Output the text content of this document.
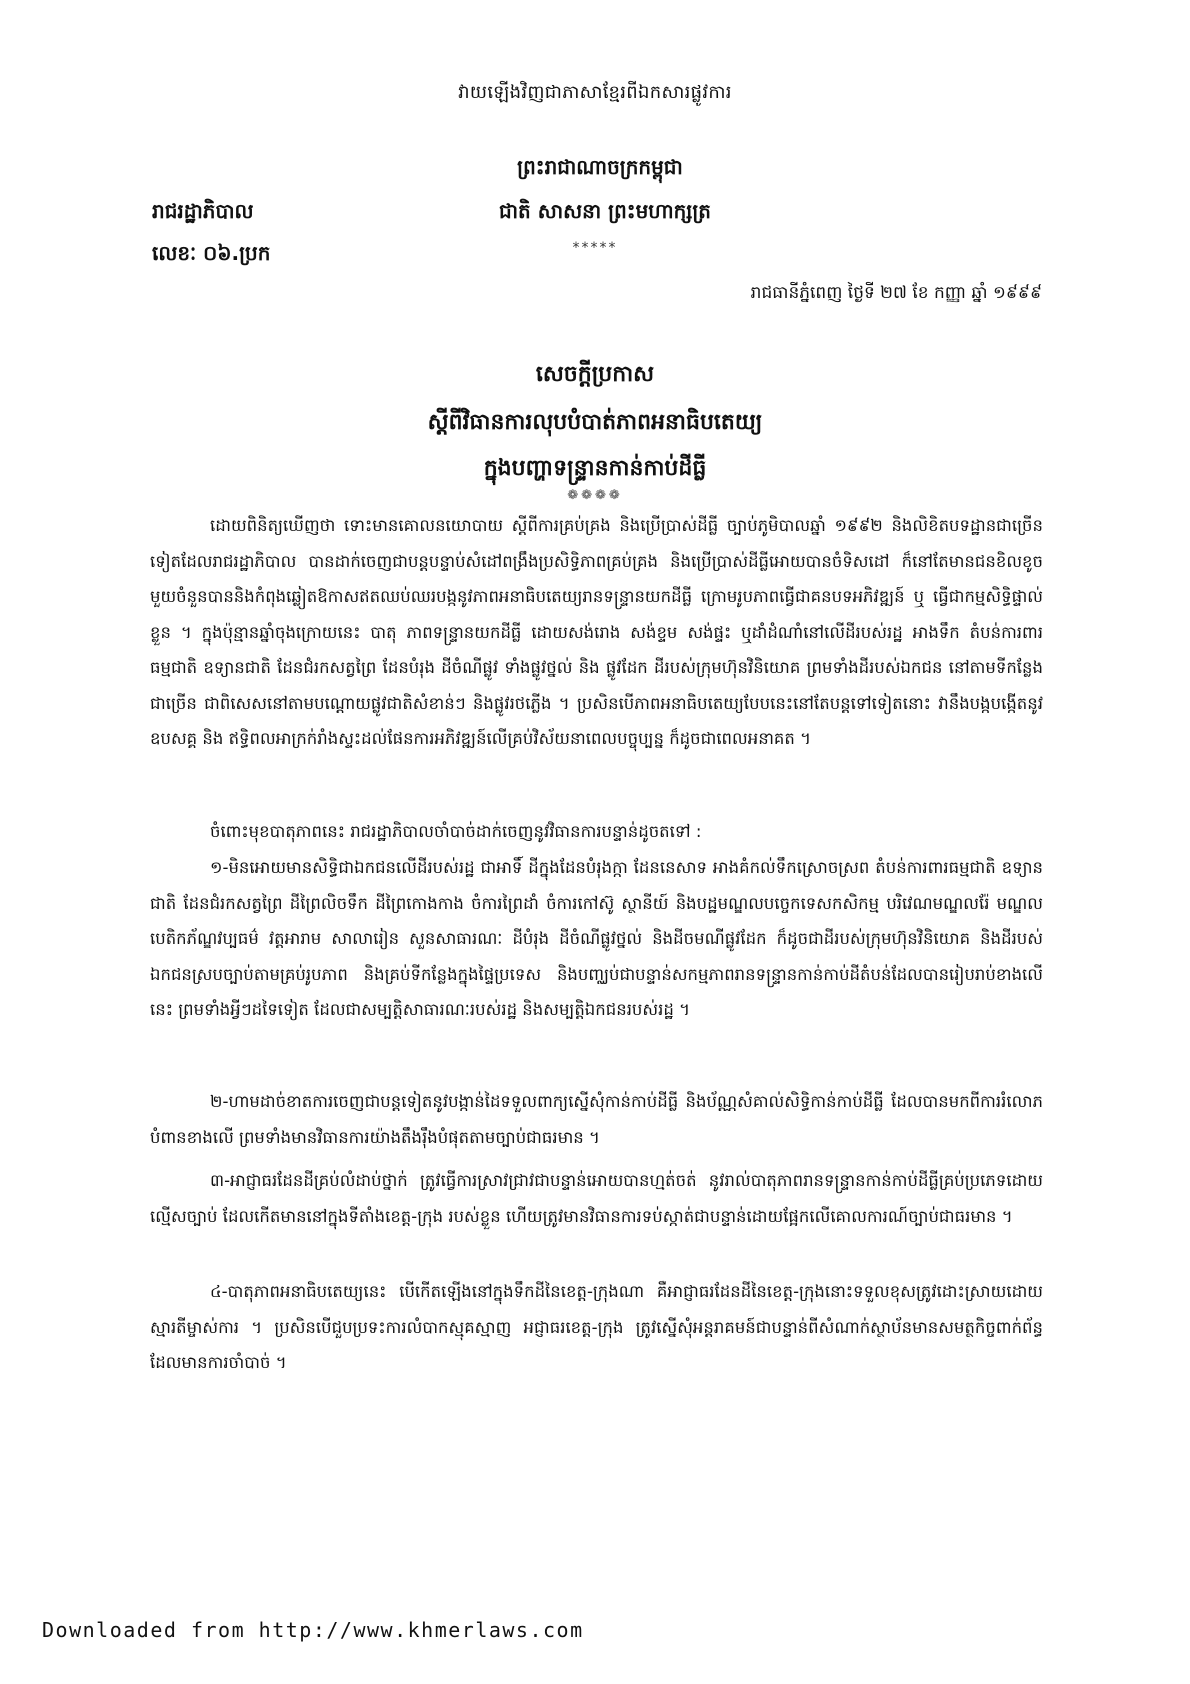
វាយឡើងវិញជាភាសាខ្មែរពីឯកសារផ្លូវការ
ព្រះរាជាណាចក្រកម្ពុជា
ជាតិ សាសនា ព្រះមហាក្សត្រ
*****
រាជរដ្ឋាភិបាល
លេខៈ ០៦.ប្រក
រាជធានីភ្នំពេញ ថ្ងៃទី ២៧ ខែ កញ្ញា ឆ្នាំ ១៩៩៩
សេចក្តីប្រកាស
ស្តីពីវិធានការលុបបំបាត់ភាពអនាធិបតេយ្យ
ក្នុងបញ្ហាទន្ទ្រានកាន់កាប់ដីធ្លី
❁❁❁❁

ដោយពិនិត្យឃើញថា ទោះមានគោលនយោបាយ ស្តីពីការគ្រប់គ្រង និងប្រើប្រាស់ដីធ្លី ច្បាប់ភូមិបាលឆ្នាំ ១៩៩២ និងលិខិតបទដ្ឋានជាច្រើនទៀតដែលរាជរដ្ឋាភិបាល បានដាក់ចេញជាបន្តបន្ទាប់សំដៅពង្រឹងប្រសិទ្ធិភាពគ្រប់គ្រង និងប្រើប្រាស់ដីធ្លីអោយបានចំទិសដៅ ក៏នៅតែមានជនខិលខូចមួយចំនួនបាននិងកំពុងឆ្លៀតឱកាសឥតឈប់ឈរបង្កនូវភាពអនាធិបតេយ្យរានទន្ទ្រានយកដីធ្លី ក្រោមរូបភាពធ្វើជាគនបទអភិវឌ្ឍន៍ ឬ ធ្វើជាកម្មសិទ្ធិផ្ទាល់ខ្លួន ។ ក្នុងប៉ុន្មានឆ្នាំចុងក្រោយនេះ បាតុ ភាពទន្ទ្រានយកដីធ្លី ដោយសង់រោង សង់ខ្ទម សង់ផ្ទះ ឬដាំដំណាំនៅលើដីរបស់រដ្ឋ អាងទឹក តំបន់ការពារធម្មជាតិ ឧទ្យានជាតិ ដែនជំរកសត្វព្រៃ ដែនបំរុង ដីចំណីផ្លូវ ទាំងផ្លូវថ្នល់ និង ផ្លូវដែក ដីរបស់ក្រុមហ៊ុនវិនិយោគ ព្រមទាំងដីរបស់ឯកជន នៅតាមទីកន្លែងជាច្រើន ជាពិសេសនៅតាមបណ្តោយផ្លូវជាតិសំខាន់ៗ និងផ្លូវរថភ្លើង ។ ប្រសិនបើភាពអនាធិបតេយ្យបែបនេះនៅតែបន្តទៅទៀតនោះ វានឹងបង្កបង្កើតនូវឧបសគ្គ និង ឥទ្ធិពលអាក្រក់រាំងស្ទះដល់ផែនការអភិវឌ្ឍន៍លើគ្រប់វិស័យនាពេលបច្ចុប្បន្ន ក៏ដូចជាពេលអនាគត ។

ចំពោះមុខបាតុភាពនេះ រាជរដ្ឋាភិបាលចាំបាច់ដាក់ចេញនូវវិធានការបន្ទាន់ដូចតទៅ :

១-មិនអោយមានសិទ្ធិជាឯកជនលើដីរបស់រដ្ឋ ជាអាទិ៍ ដីក្នុងដែនបំរុងក្កា ដែននេសាទ អាងគំកល់ទឹកស្រោចស្រព តំបន់ការពារធម្មជាតិ ឧទ្យានជាតិ ដែនជំរកសត្វព្រៃ ដីព្រៃលិចទឹក ដីព្រៃកោងកាង ចំការព្រៃដាំ ចំការកៅស៊ូ ស្ថានីយ៍ និងបដ្ឋមណ្ឌលបច្ចេកទេសកសិកម្ម បរិវេណមណ្ឌលរ៉ែ មណ្ឌលបេតិកភ័ណ្ឌវប្បធម៌ វត្តអារាម សាលារៀន សួនសាធារណៈ ដីបំរុង ដីចំណីផ្លូវថ្នល់ និងដីចមណីផ្លូវដែក ក៏ដូចជាដីរបស់ក្រុមហ៊ុនវិនិយោគ និងដីរបស់ឯកជនស្របច្បាប់តាមគ្រប់រូបភាព និងគ្រប់ទីកន្លែងក្នុងផ្ទៃប្រទេស និងបញ្ឈប់ជាបន្ទាន់សកម្មភាពរានទន្ទ្រានកាន់កាប់ដីតំបន់ដែលបានរៀបរាប់ខាងលើនេះ ព្រមទាំងអ្វីៗដទៃទៀត ដែលជាសម្បត្តិសាធារណៈរបស់រដ្ឋ និងសម្បត្តិឯកជនរបស់រដ្ឋ ។

២-ហាមដាច់ខាតការចេញជាបន្តទៀតនូវបង្កាន់ដៃទទួលពាក្យស្នើសុំកាន់កាប់ដីធ្លី និងប័ណ្ណសំគាល់សិទ្ធិកាន់កាប់ដីធ្លី ដែលបានមកពីការរំលោភបំពានខាងលើ ព្រមទាំងមានវិធានការយ៉ាងតឹងរ៉ឹងបំផុតតាមច្បាប់ជាធរមាន ។

៣-អាជ្ញាធរដែនដីគ្រប់លំដាប់ថ្នាក់ ត្រូវធ្វើការស្រាវជ្រាវជាបន្ទាន់អោយបានហ្មត់ចត់ នូវរាល់បាតុភាពរានទន្ទ្រានកាន់កាប់ដីធ្លីគ្រប់ប្រភេទដោយល្មើសច្បាប់ ដែលកើតមាននៅក្នុងទីតាំងខេត្ត-ក្រុង របស់ខ្លួន ហើយត្រូវមានវិធានការទប់ស្កាត់ជាបន្ទាន់ដោយផ្អែកលើគោលការណ៍ច្បាប់ជាធរមាន ។

៤-បាតុភាពអនាធិបតេយ្យនេះ បើកើតឡើងនៅក្នុងទឹកដីនៃខេត្ត-ក្រុងណា គឺអាជ្ញាធរដែនដីនៃខេត្ត-ក្រុងនោះទទួលខុសត្រូវដោះស្រាយដោយស្មារតីម្ចាស់ការ ។ ប្រសិនបើជួបប្រទះការលំបាកស្មុគស្មាញ អជ្ញាធរខេត្ត-ក្រុង ត្រូវស្នើសុំអន្តរាគមន៍ជាបន្ទាន់ពីសំណាក់ស្ថាប័នមានសមត្ថកិច្ចពាក់ព័ន្ធ ដែលមានការចាំបាច់ ។

Downloaded from http://www.khmerlaws.com
